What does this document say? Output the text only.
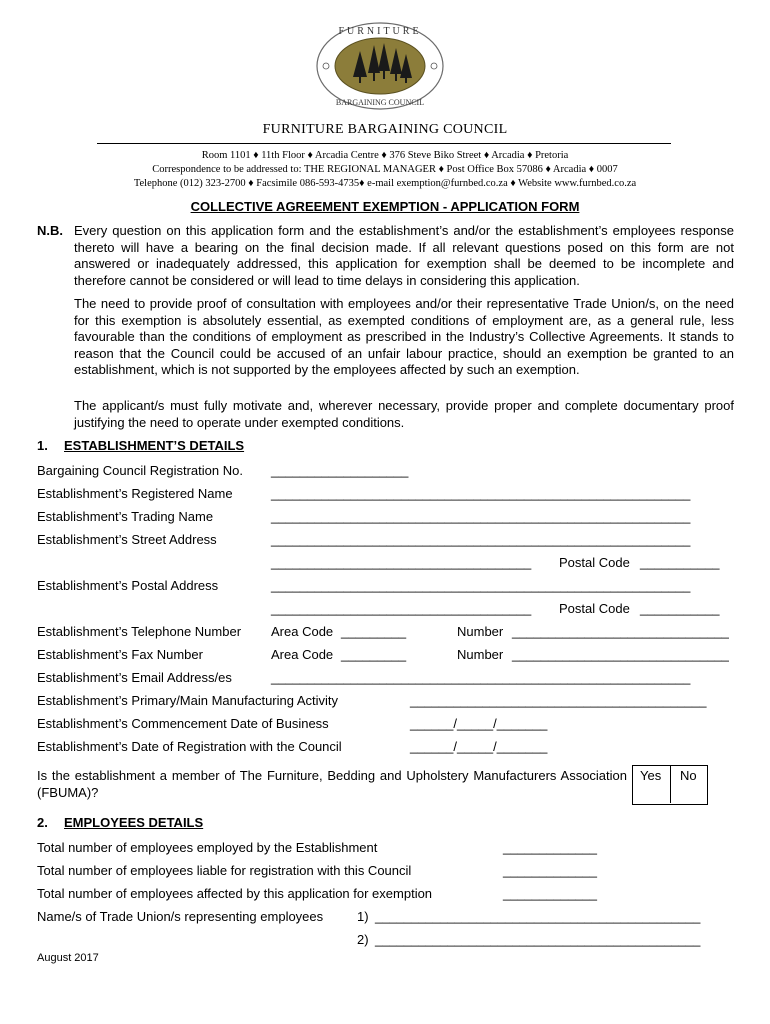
FURNITURE
BARGAINING COUNCIL
FURNITURE BARGAINING COUNCIL
Room 1101 ♦ 11th Floor ♦ Arcadia Centre ♦ 376 Steve Biko Street ♦ Arcadia ♦ Pretoria
Correspondence to be addressed to: THE REGIONAL MANAGER ♦ Post Office Box 57086 ♦ Arcadia ♦ 0007
Telephone (012) 323-2700 ♦ Facsimile 086-593-4735♦ e-mail exemption@furnbed.co.za ♦ Website www.furnbed.co.za
COLLECTIVE AGREEMENT EXEMPTION - APPLICATION FORM
N.B. Every question on this application form and the establishment’s and/or the establishment’s employees response thereto will have a bearing on the final decision made. If all relevant questions posed on this form are not answered or inadequately addressed, this application for exemption shall be deemed to be incomplete and therefore cannot be considered or will lead to time delays in considering this application.
The need to provide proof of consultation with employees and/or their representative Trade Union/s, on the need for this exemption is absolutely essential, as exempted conditions of employment are, as a general rule, less favourable than the conditions of employment as prescribed in the Industry’s Collective Agreements. It stands to reason that the Council could be accused of an unfair labour practice, should an exemption be granted to an establishment, which is not supported by the employees affected by such an exemption.
The applicant/s must fully motivate and, wherever necessary, provide proper and complete documentary proof justifying the need to operate under exempted conditions.
1. ESTABLISHMENT’S DETAILS
Bargaining Council Registration No. ___________________
Establishment’s Registered Name	__________________________________________________________
Establishment’s Trading Name	__________________________________________________________
Establishment’s Street Address	__________________________________________________________
____________________________________ Postal Code ___________
Establishment’s Postal Address	__________________________________________________________
____________________________________ Postal Code ___________
Establishment’s Telephone Number Area Code _________	Number ______________________________
Establishment’s Fax Number	Area Code _________	Number ______________________________
Establishment’s Email Address/es	__________________________________________________________
Establishment’s Primary/Main Manufacturing Activity	_________________________________________
Establishment’s Commencement Date of Business	______/_____/_______
Establishment’s Date of Registration with the Council	______/_____/_______
Is the establishment a member of The Furniture, Bedding and Upholstery Manufacturers Association (FBUMA)?
Yes No
2. EMPLOYEES DETAILS
Total number of employees employed by the Establishment	_____________
Total number of employees liable for registration with this Council	_____________
Total number of employees affected by this application for exemption	_____________
Name/s of Trade Union/s representing employees	1) _____________________________________________
2) _____________________________________________
August 2017
